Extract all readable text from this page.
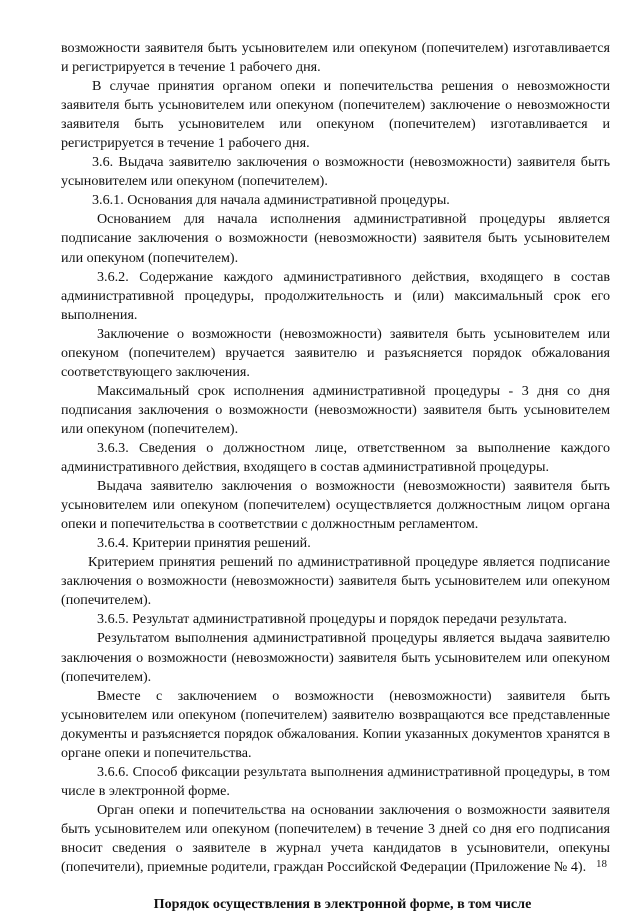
возможности заявителя быть усыновителем или опекуном (попечителем) изготавливается и регистрируется в течение 1 рабочего дня.

В случае принятия органом опеки и попечительства решения о невозможности заявителя быть усыновителем или опекуном (попечителем) заключение о невозможности заявителя быть усыновителем или опекуном (попечителем) изготавливается и регистрируется в течение 1 рабочего дня.

3.6. Выдача заявителю заключения о возможности (невозможности) заявителя быть усыновителем или опекуном (попечителем).

3.6.1. Основания для начала административной процедуры.

Основанием для начала исполнения административной процедуры является подписание заключения о возможности (невозможности) заявителя быть усыновителем или опекуном (попечителем).

3.6.2. Содержание каждого административного действия, входящего в состав административной процедуры, продолжительность и (или) максимальный срок его выполнения.

Заключение о возможности (невозможности) заявителя быть усыновителем или опекуном (попечителем) вручается заявителю и разъясняется порядок обжалования соответствующего заключения.

Максимальный срок исполнения административной процедуры - 3 дня со дня подписания заключения о возможности (невозможности) заявителя быть усыновителем или опекуном (попечителем).

3.6.3. Сведения о должностном лице, ответственном за выполнение каждого административного действия, входящего в состав административной процедуры.

Выдача заявителю заключения о возможности (невозможности) заявителя быть усыновителем или опекуном (попечителем) осуществляется должностным лицом органа опеки и попечительства в соответствии с должностным регламентом.

3.6.4. Критерии принятия решений.

Критерием принятия решений по административной процедуре является подписание заключения о возможности (невозможности) заявителя быть усыновителем или опекуном (попечителем).

3.6.5. Результат административной процедуры и порядок передачи результата.

Результатом выполнения административной процедуры является выдача заявителю заключения о возможности (невозможности) заявителя быть усыновителем или опекуном (попечителем).

Вместе с заключением о возможности (невозможности) заявителя быть усыновителем или опекуном (попечителем) заявителю возвращаются все представленные документы и разъясняется порядок обжалования. Копии указанных документов хранятся в органе опеки и попечительства.

3.6.6. Способ фиксации результата выполнения административной процедуры, в том числе в электронной форме.

Орган опеки и попечительства на основании заключения о возможности заявителя быть усыновителем или опекуном (попечителем) в течение 3 дней со дня его подписания вносит сведения о заявителе в журнал учета кандидатов в усыновители, опекуны (попечители), приемные родители, граждан Российской Федерации (Приложение № 4).

Порядок осуществления в электронной форме, в том числе

18
